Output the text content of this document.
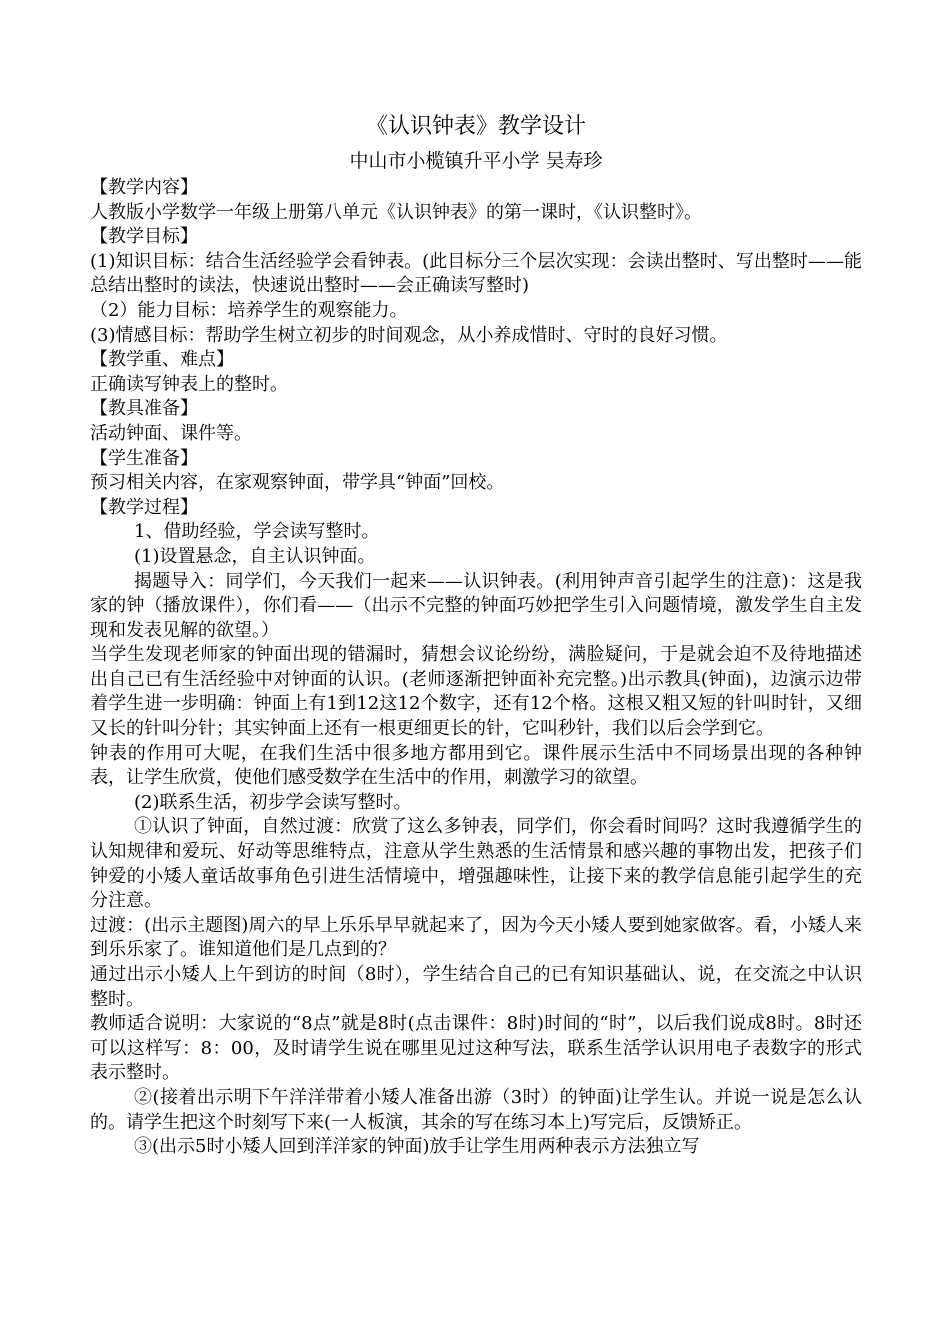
《认识钟表》教学设计
中山市小榄镇升平小学 吴寿珍

【教学内容】

人教版小学数学一年级上册第八单元《认识钟表》的第一课时，《认识整时》。

【教学目标】

(1)知识目标：结合生活经验学会看钟表。(此目标分三个层次实现：会读出整时、写出整时——能总结出整时的读法，快速说出整时——会正确读写整时)

（2）能力目标：培养学生的观察能力。

(3)情感目标：帮助学生树立初步的时间观念，从小养成惜时、守时的良好习惯。

【教学重、难点】

正确读写钟表上的整时。

【教具准备】

活动钟面、课件等。

【学生准备】

预习相关内容，在家观察钟面，带学具“钟面”回校。

【教学过程】

1、借助经验，学会读写整时。

(1)设置悬念，自主认识钟面。

揭题导入：同学们，今天我们一起来——认识钟表。(利用钟声音引起学生的注意)：这是我家的钟（播放课件），你们看——（出示不完整的钟面巧妙把学生引入问题情境，激发学生自主发现和发表见解的欲望。）

当学生发现老师家的钟面出现的错漏时，猜想会议论纷纷，满脸疑问，于是就会迫不及待地描述出自己已有生活经验中对钟面的认识。(老师逐渐把钟面补充完整。)出示教具(钟面)，边演示边带着学生进一步明确：钟面上有1到12这12个数字，还有12个格。这根又粗又短的针叫时针，又细又长的针叫分针；其实钟面上还有一根更细更长的针，它叫秒针，我们以后会学到它。

钟表的作用可大呢，在我们生活中很多地方都用到它。课件展示生活中不同场景出现的各种钟表，让学生欣赏，使他们感受数学在生活中的作用，刺激学习的欲望。

(2)联系生活，初步学会读写整时。

①认识了钟面，自然过渡：欣赏了这么多钟表，同学们，你会看时间吗？这时我遵循学生的认知规律和爱玩、好动等思维特点，注意从学生熟悉的生活情景和感兴趣的事物出发，把孩子们钟爱的小矮人童话故事角色引进生活情境中，增强趣味性，让接下来的教学信息能引起学生的充分注意。

过渡：(出示主题图)周六的早上乐乐早早就起来了，因为今天小矮人要到她家做客。看，小矮人来到乐乐家了。谁知道他们是几点到的？

通过出示小矮人上午到访的时间（8时），学生结合自己的已有知识基础认、说，在交流之中认识整时。

教师适合说明：大家说的“8点”就是8时(点击课件：8时)时间的“时”，以后我们说成8时。8时还可以这样写：8：00，及时请学生说在哪里见过这种写法，联系生活学认识用电子表数字的形式表示整时。

②(接着出示明下午洋洋带着小矮人准备出游（3时）的钟面)让学生认。并说一说是怎么认的。请学生把这个时刻写下来(一人板演，其余的写在练习本上)写完后，反馈矫正。

③(出示5时小矮人回到洋洋家的钟面)放手让学生用两种表示方法独立写
